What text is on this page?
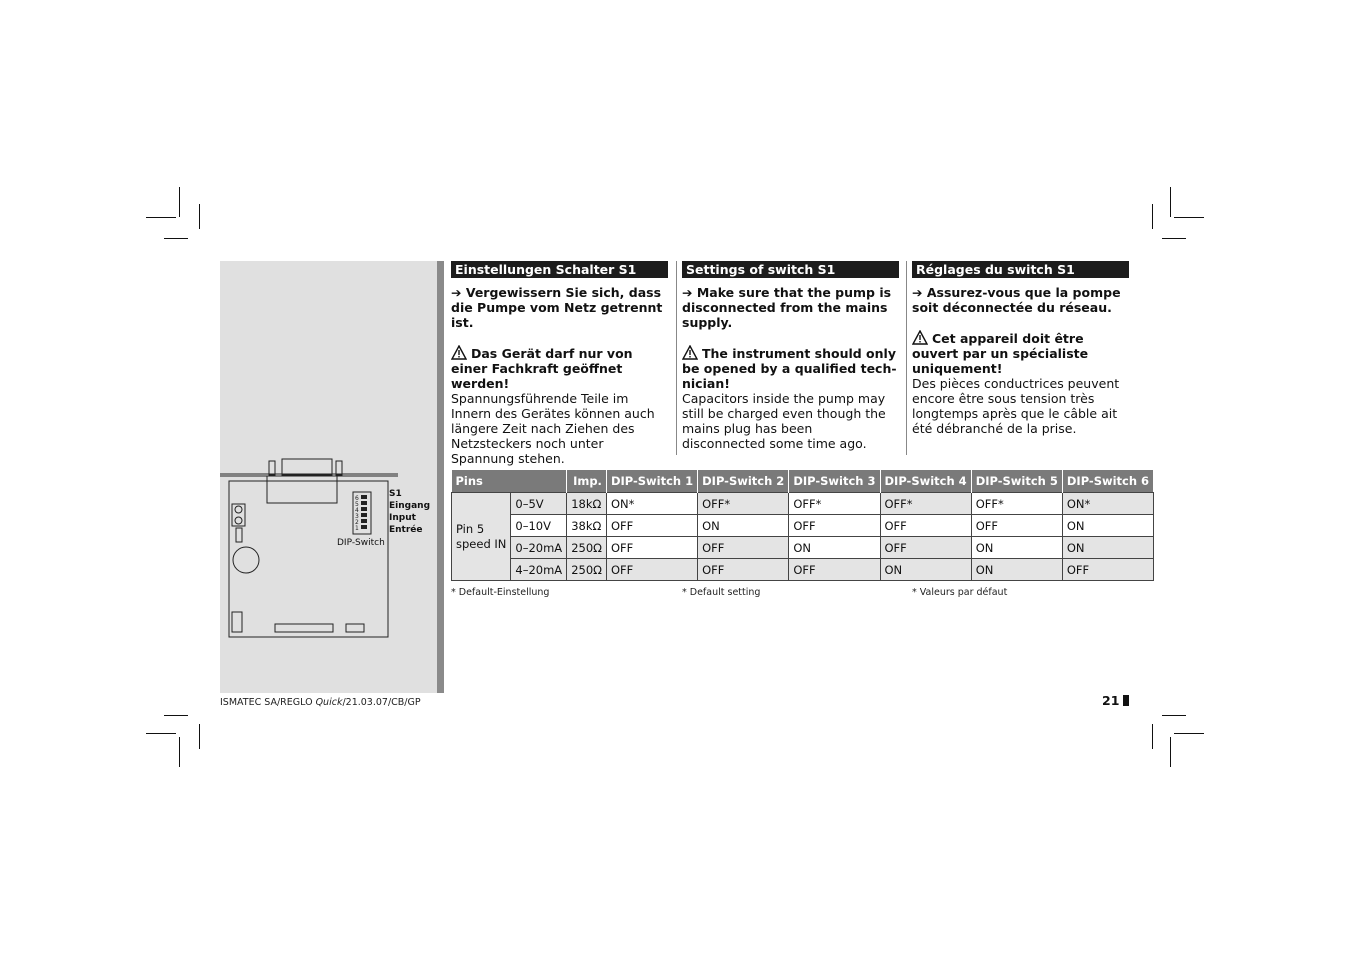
6
5
4
3
2
1
S1
Eingang
Input
Entrée
DIP-Switch
Einstellungen Schalter S1
➔ Vergewissern Sie sich, dass die Pumpe vom Netz getrennt ist.
Das Gerät darf nur von einer Fachkraft geöffnet werden!
Spannungsführende Teile im Innern des Gerätes können auch längere Zeit nach Ziehen des Netzsteckers noch unter Spannung stehen.
Settings of switch S1
➔ Make sure that the pump is disconnected from the mains supply.
The instrument should only be opened by a qualified tech-nician!
Capacitors inside the pump may still be charged even though the mains plug has been disconnected some time ago.
Réglages du switch S1
➔ Assurez-vous que la pompe soit déconnectée du réseau.
Cet appareil doit être ouvert par un spécialiste uniquement!
Des pièces conductrices peuvent encore être sous tension très longtemps après que le câble ait été débranché de la prise.
Pins		Imp.	DIP-Switch 1	DIP-Switch 2	DIP-Switch 3	DIP-Switch 4	DIP-Switch 5	DIP-Switch 6

Pin 5
speed IN	0–5V	18kΩ	ON*	OFF*	OFF*	OFF*	OFF*	ON*
	0–10V	38kΩ	OFF	ON	OFF	OFF	OFF	ON
	0–20mA	250Ω	OFF	OFF	ON	OFF	ON	ON
	4–20mA	250Ω	OFF	OFF	OFF	ON	ON	OFF
* Default-Einstellung	* Default setting	* Valeurs par défaut
ISMATEC SA/REGLO Quick/21.03.07/CB/GP	21
